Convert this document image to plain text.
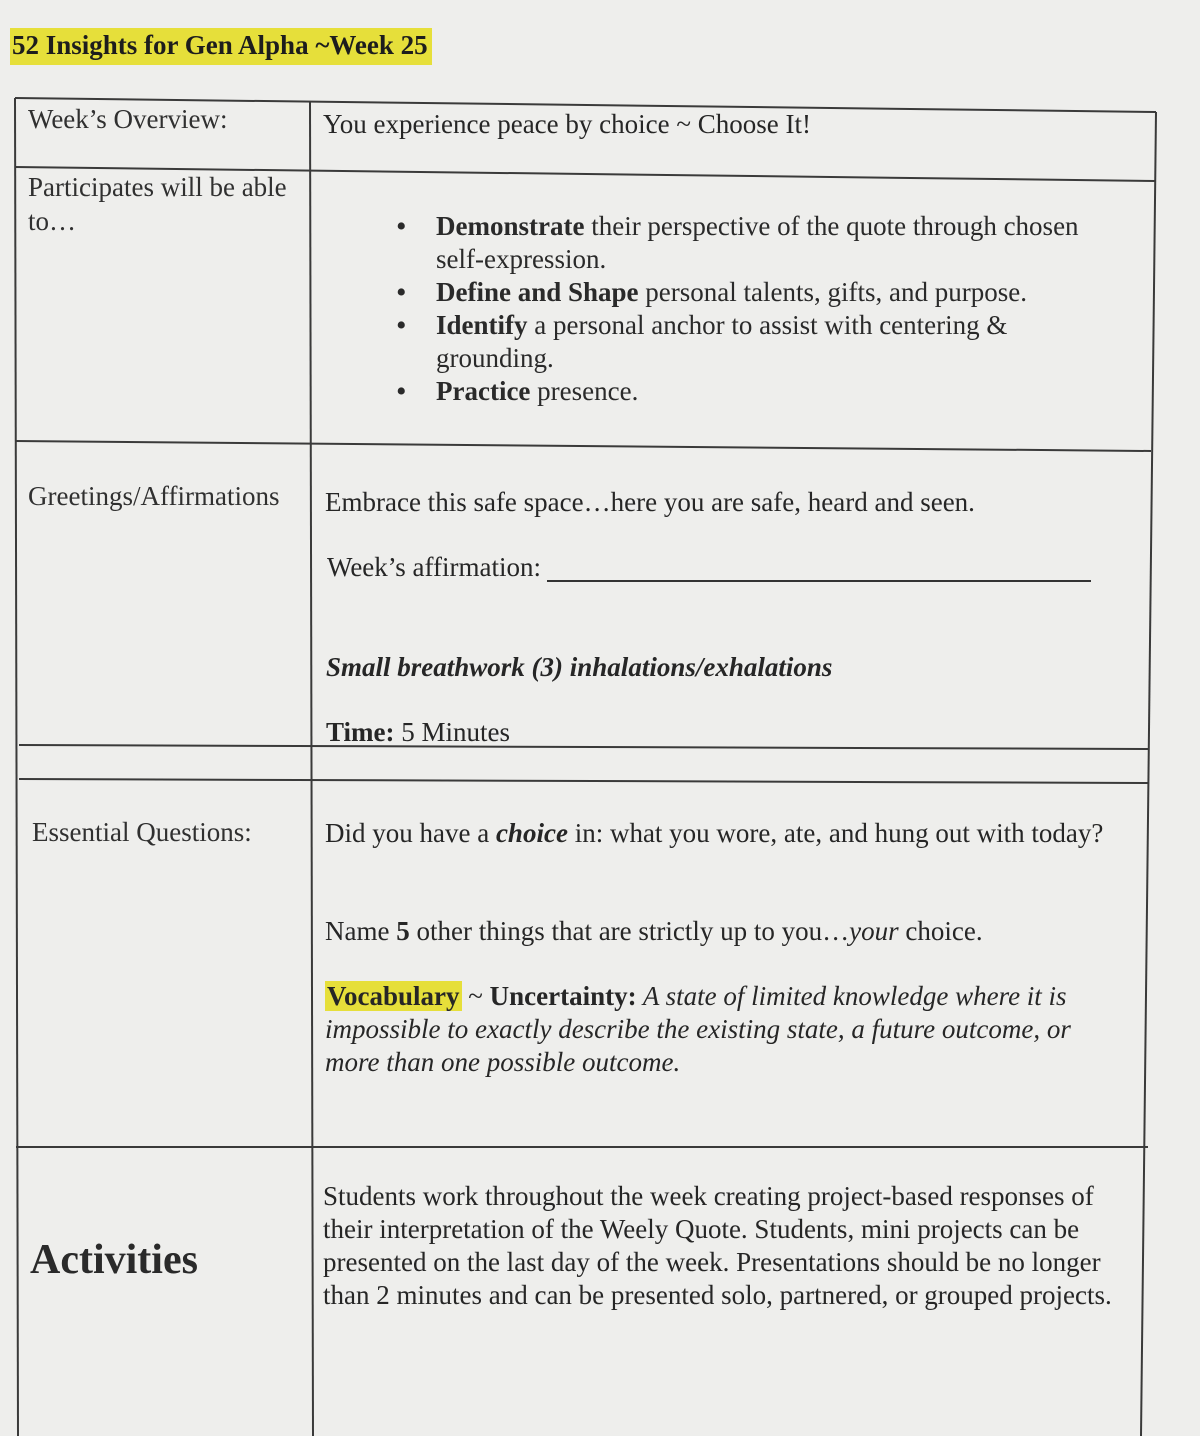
52 Insights for Gen Alpha ~Week 25
Week’s Overview:	You experience peace by choice ~ Choose It!
Participates will be able to…
•	Demonstrate their perspective of the quote through chosen self-expression.
• Define and Shape personal talents, gifts, and purpose.
• Identify a personal anchor to assist with centering & grounding.
• Practice presence.
Greetings/Affirmations Embrace this safe space…here you are safe, heard and seen.
Week’s affirmation:
Small breathwork (3) inhalations/exhalations
Time: 5 Minutes
Essential Questions:	Did you have a choice in: what you wore, ate, and hung out with today?
Name 5 other things that are strictly up to you…your choice.
Vocabulary ~ Uncertainty: A state of limited knowledge where it is impossible to exactly describe the existing state, a future outcome, or more than one possible outcome.
Activities
Students work throughout the week creating project-based responses of their interpretation of the Weely Quote. Students, mini projects can be presented on the last day of the week. Presentations should be no longer than 2 minutes and can be presented solo, partnered, or grouped projects.
